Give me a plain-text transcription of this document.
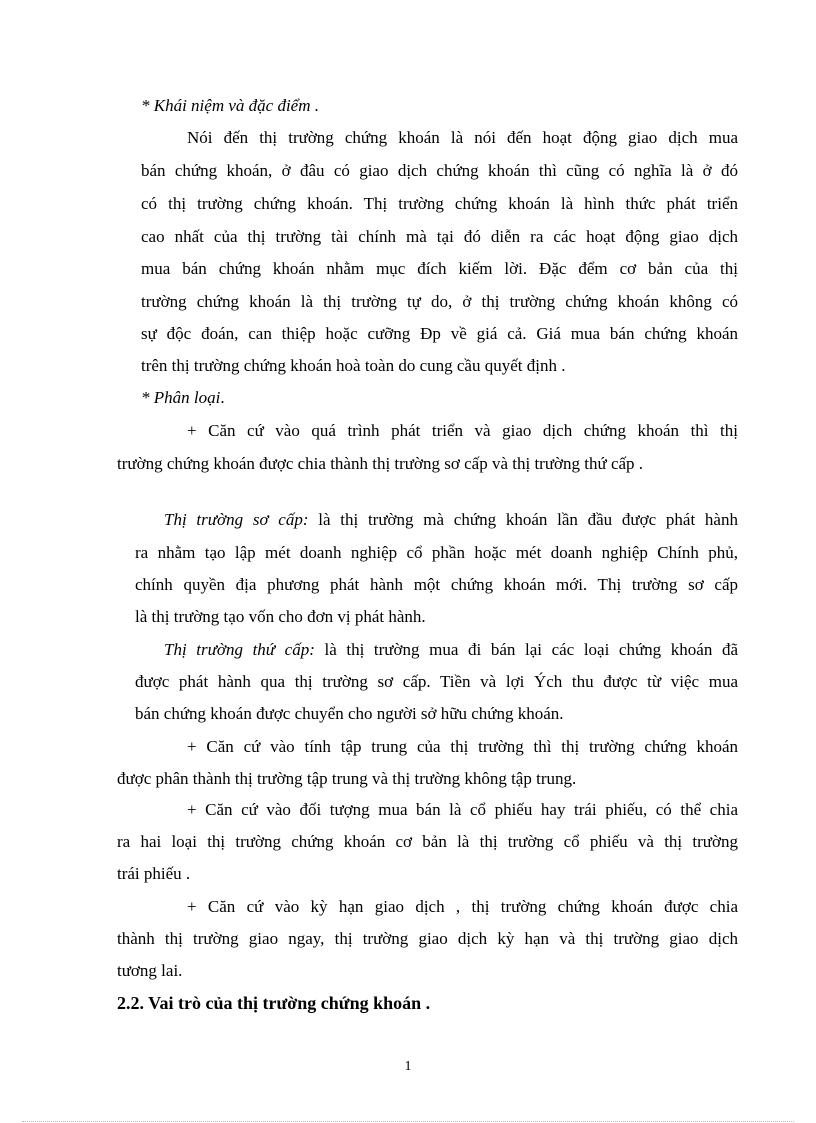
* Khái niệm và đặc điểm .
Nói đến thị trường chứng khoán là nói đến hoạt động giao dịch mua
bán chứng khoán, ở đâu có giao dịch chứng khoán thì cũng có nghĩa là ở đó
có thị trường chứng khoán. Thị trường chứng khoán là hình thức phát triển
cao nhất của thị trường tài chính mà tại đó diễn ra các hoạt động giao dịch
mua bán chứng khoán nhằm mục đích kiếm lời. Đặc đểm cơ bản của thị
trường chứng khoán là thị trường tự do, ở thị trường chứng khoán không có
sự độc đoán, can thiệp hoặc cưỡng Ðp về giá cả. Giá mua bán chứng khoán
trên thị trường chứng khoán hoà toàn do cung cầu quyết định .
* Phân loại.
+ Căn cứ vào quá trình phát triển và giao dịch chứng khoán thì thị
trường chứng khoán được chia thành thị trường sơ cấp và thị trường thứ cấp .
Thị trường sơ cấp: là thị trường mà chứng khoán lần đầu được phát hành
ra nhằm tạo lập mét doanh nghiệp cổ phần hoặc mét doanh nghiệp Chính phủ,
chính quyền địa phương phát hành một chứng khoán mới. Thị trường sơ cấp
là thị trường tạo vốn cho đơn vị phát hành.
Thị trường thứ cấp: là thị trường mua đi bán lại các loại chứng khoán đã
được phát hành qua thị trường sơ cấp. Tiền và lợi Ých thu được từ việc mua
bán chứng khoán được chuyển cho người sở hữu chứng khoán.
+ Căn cứ vào tính tập trung của thị trường thì thị trường chứng khoán
được phân thành thị trường tập trung và thị trường không tập trung.
+ Căn cứ vào đối tượng mua bán là cổ phiếu hay trái phiếu, có thể chia
ra hai loại thị trường chứng khoán cơ bản là thị trường cổ phiếu và thị trường
trái phiếu .
+ Căn cứ vào kỳ hạn giao dịch , thị trường chứng khoán được chia
thành thị trường giao ngay, thị trường giao dịch kỳ hạn và thị trường giao dịch
tương lai.
2.2. Vai trò của thị trường chứng khoán .
1
